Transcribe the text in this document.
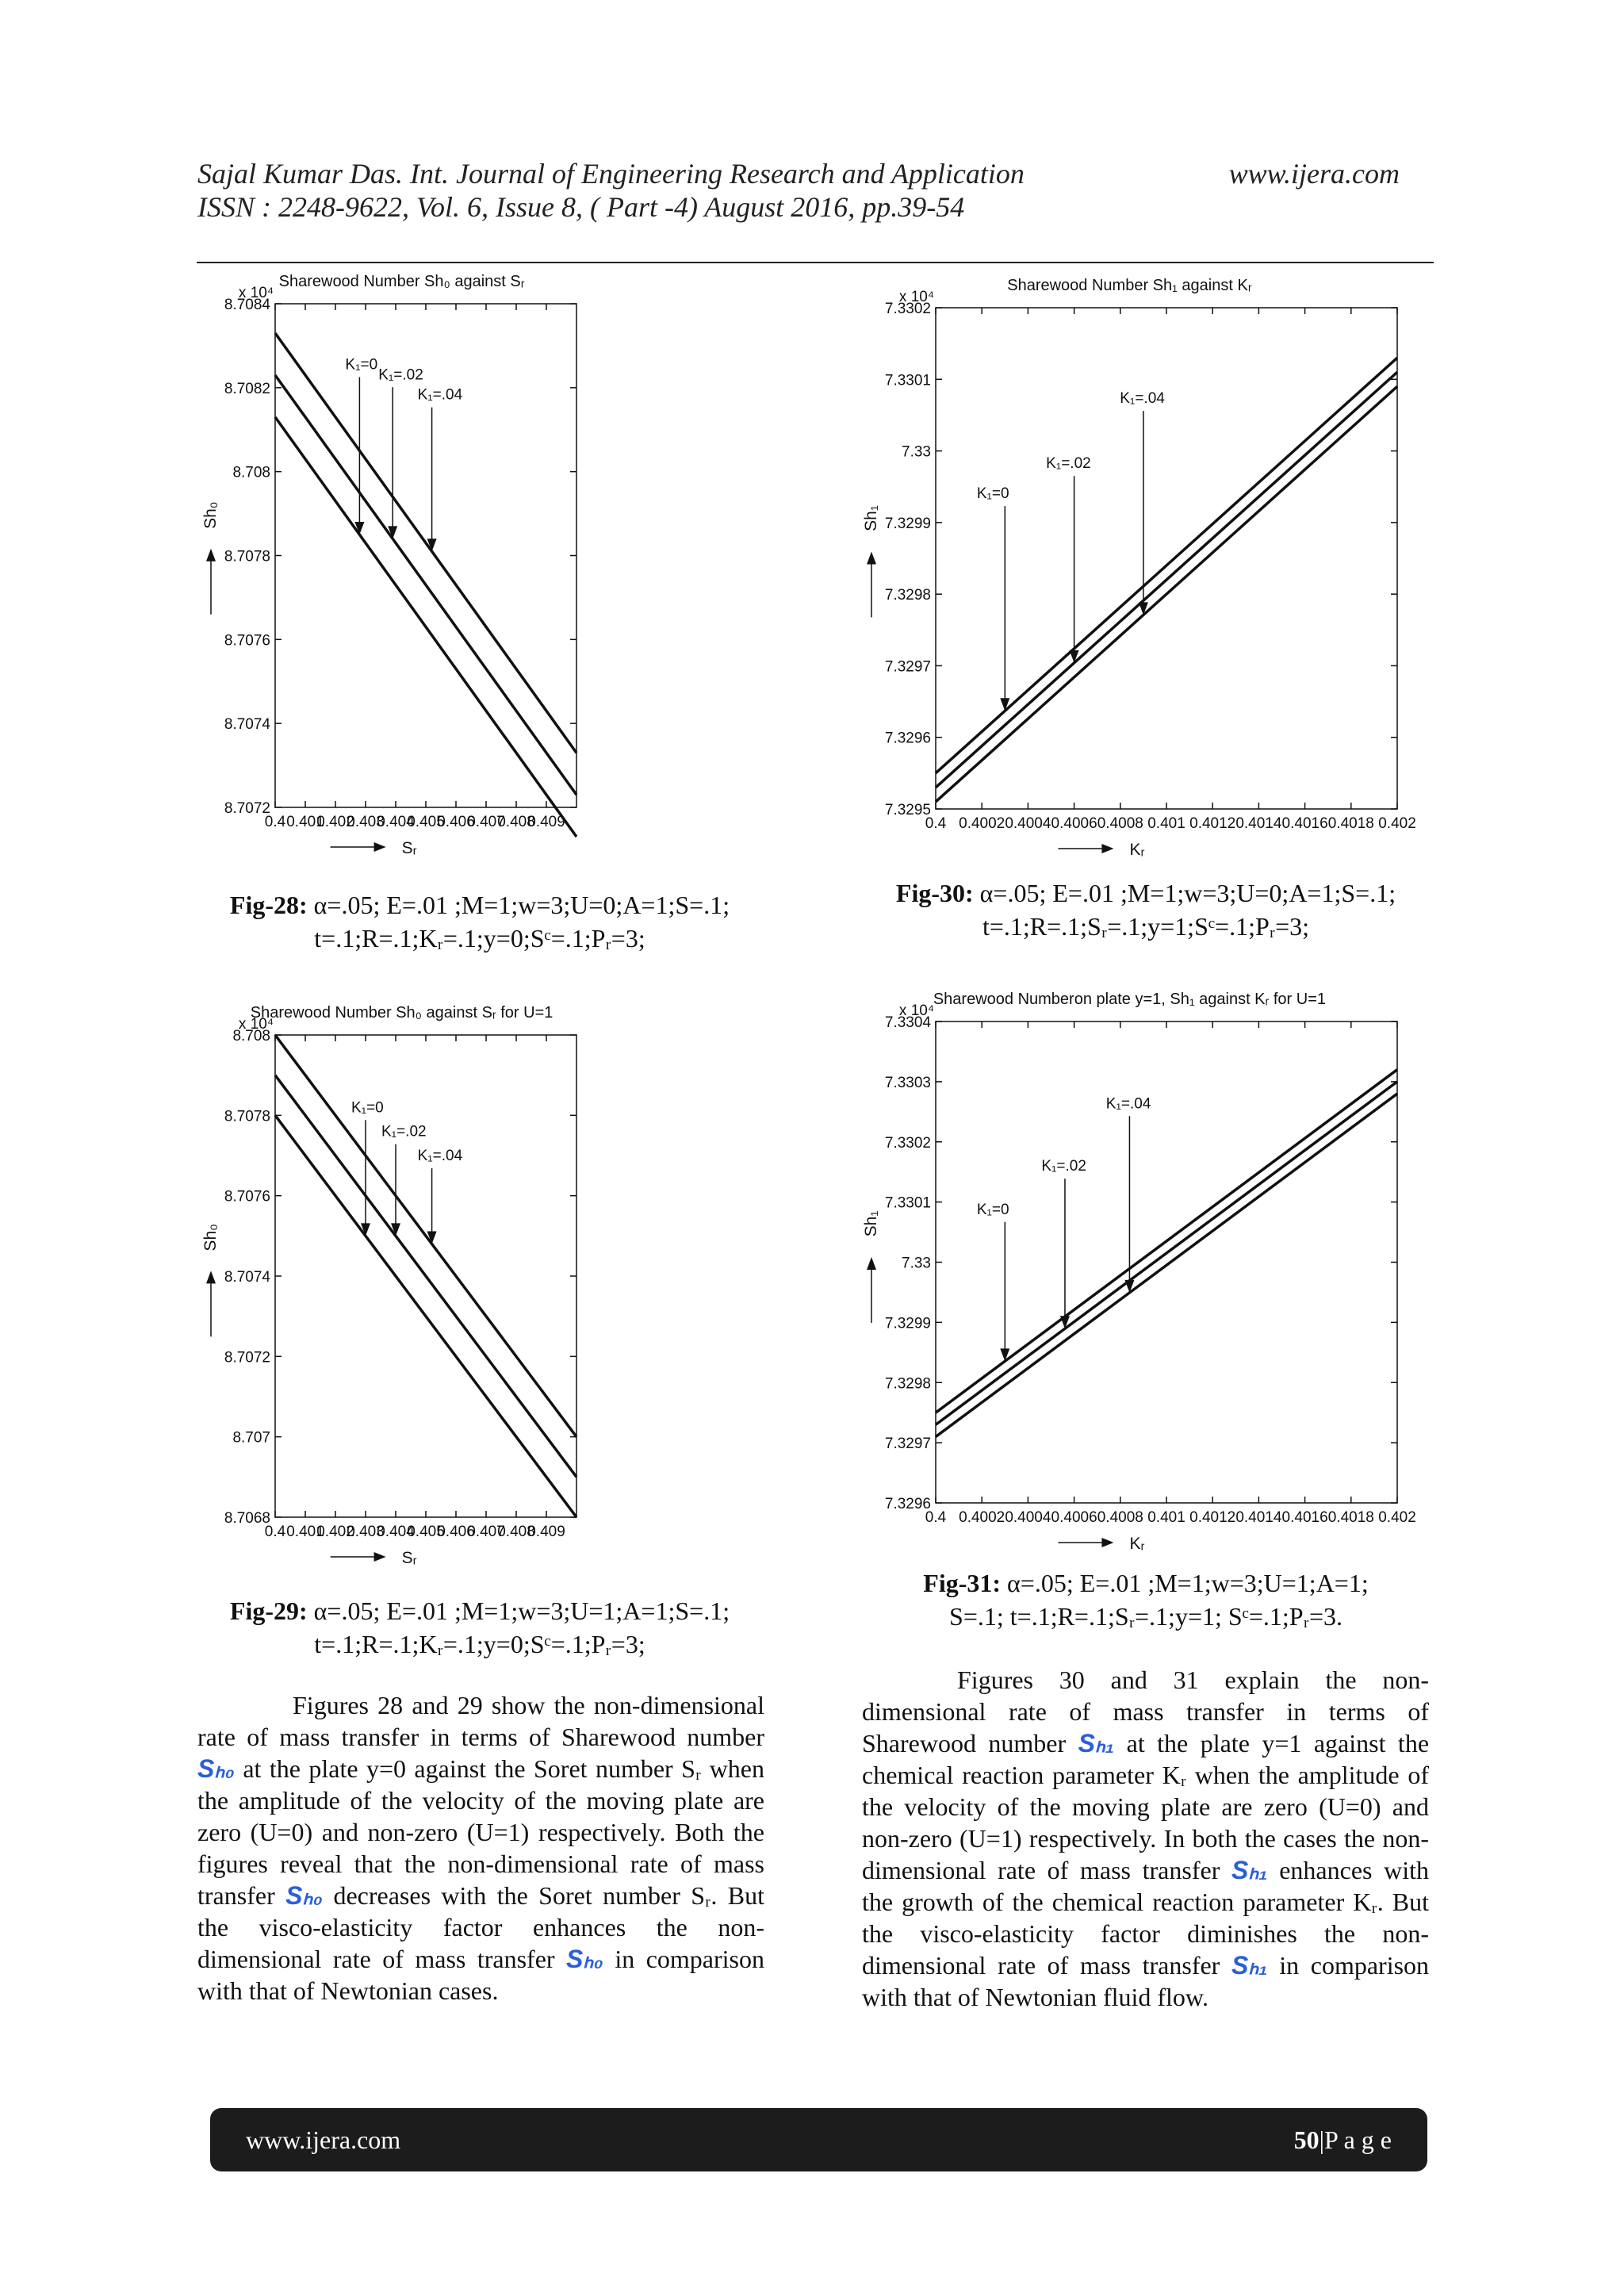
Sajal Kumar Das. Int. Journal of Engineering Research and Application
ISSN : 2248-9622, Vol. 6, Issue 8, ( Part -4) August 2016, pp.39-54
www.ijera.com
Sharewood Number Sh₀ against Sᵣ
x 10⁴
8.7084
8.7082
8.708
8.7078
8.7076
8.7074
8.7072
0.4 0.401
0.402
0.403
0.404
0.405
0.406
0.407
0.408
0.409
Sᵣ
Sh₀
K₁=0
K₁=.02
K₁=.04
Fig-28: α=.05; E=.01 ;M=1;w=3;U=0;A=1;S=.1;
t=.1;R=.1;Kᵣ=.1;y=0;Sᶜ=.1;Pᵣ=3;
Sharewood Number Sh₁ against Kᵣ
x 10⁴
7.3302
7.3301
7.33
7.3299
7.3298
7.3297
7.3296
7.3295
0.4 0.4002 0.4004 0.4006 0.4008 0.401 0.4012 0.4014 0.4016 0.4018 0.402
Kᵣ
Sh₁
K₁=0
K₁=.02
K₁=.04
Fig-30: α=.05; E=.01 ;M=1;w=3;U=0;A=1;S=.1;
t=.1;R=.1;Sᵣ=.1;y=1;Sᶜ=.1;Pᵣ=3;
Sharewood Number Sh₀ against Sᵣ for U=1
x 10⁴
8.708
8.7078
8.7076
8.7074
8.7072
8.707
8.7068
0.4 0.401
0.402
0.403
0.404
0.405
0.406
0.407
0.408
0.409
Sᵣ
Sh₀
K₁=0
K₁=.02
K₁=.04
Fig-29: α=.05; E=.01 ;M=1;w=3;U=1;A=1;S=.1;
t=.1;R=.1;Kᵣ=.1;y=0;Sᶜ=.1;Pᵣ=3;
Sharewood Numberon plate y=1, Sh₁ against Kᵣ for U=1
x 10⁴
7.3304
7.3303
7.3302
7.3301
7.33
7.3299
7.3298
7.3297
7.3296
0.4 0.4002 0.4004 0.4006 0.4008 0.401 0.4012 0.4014 0.4016 0.4018 0.402
Kᵣ
Sh₁
K₁=0
K₁=.02
K₁=.04
Fig-31: α=.05; E=.01 ;M=1;w=3;U=1;A=1;
S=.1; t=.1;R=.1;Sᵣ=.1;y=1; Sᶜ=.1;Pᵣ=3.
Figures 28 and 29 show the non-dimensional rate of mass transfer in terms of Sharewood number Sₕ₀ at the plate y=0 against the Soret number Sᵣ when the amplitude of the velocity of the moving plate are zero (U=0) and non-zero (U=1) respectively. Both the figures reveal that the non-dimensional rate of mass transfer Sₕ₀ decreases with the Soret number Sᵣ. But the visco-elasticity factor enhances the non-dimensional rate of mass transfer Sₕ₀ in comparison with that of Newtonian cases.
Figures 30 and 31 explain the non-dimensional rate of mass transfer in terms of Sharewood number Sₕ₁ at the plate y=1 against the chemical reaction parameter Kᵣ when the amplitude of the velocity of the moving plate are zero (U=0) and non-zero (U=1) respectively. In both the cases the non-dimensional rate of mass transfer Sₕ₁ enhances with the growth of the chemical reaction parameter Kᵣ. But the visco-elasticity factor diminishes the non-dimensional rate of mass transfer Sₕ₁ in comparison with that of Newtonian fluid flow.
www.ijera.com	50|P a g e
